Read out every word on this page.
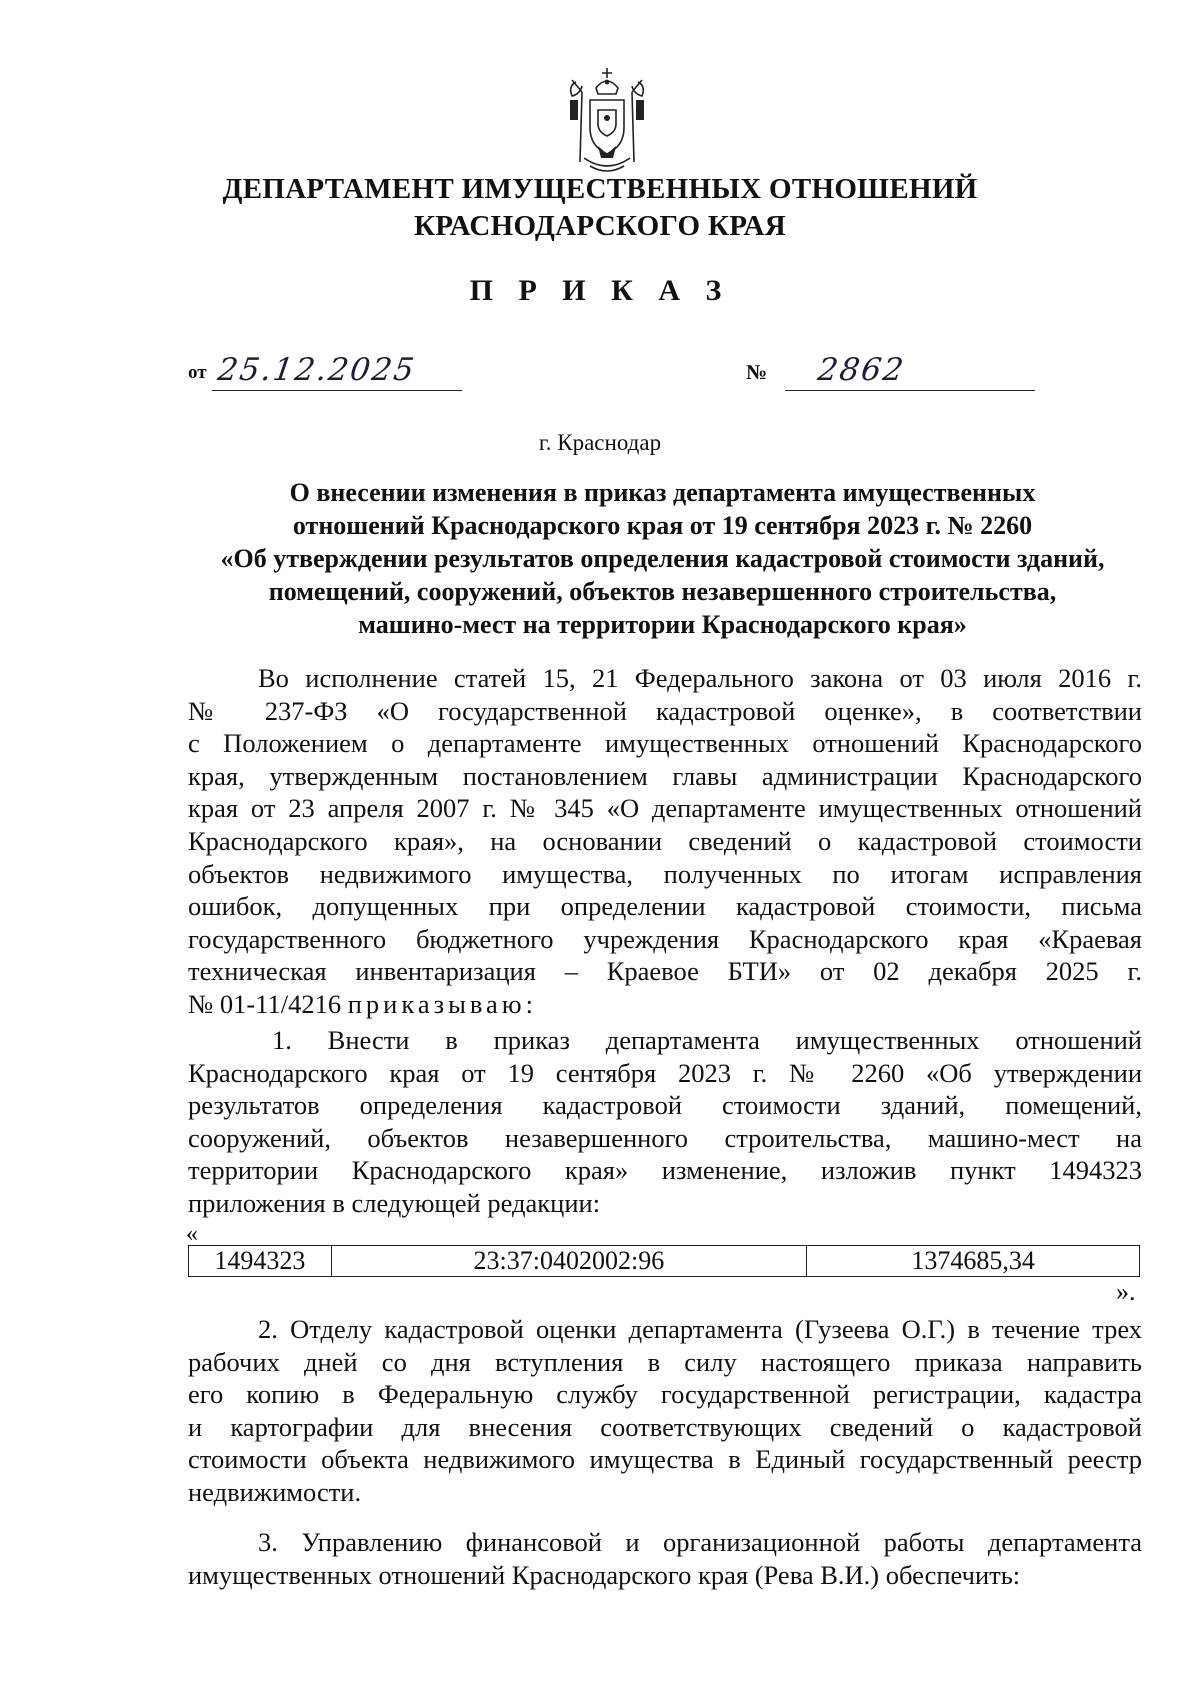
ДЕПАРТАМЕНТ ИМУЩЕСТВЕННЫХ ОТНОШЕНИЙ
КРАСНОДАРСКОГО КРАЯ
П Р И К А З
от 25.12.2025	№ 2862
г. Краснодар
О внесении изменения в приказ департамента имущественных
отношений Краснодарского края от 19 сентября 2023 г. № 2260
«Об утверждении результатов определения кадастровой стоимости зданий,
помещений, сооружений, объектов незавершенного строительства,
машино-мест на территории Краснодарского края»
Во исполнение статей 15, 21 Федерального закона от 03 июля 2016 г.
№ 237-ФЗ «О государственной кадастровой оценке», в соответствии
с Положением о департаменте имущественных отношений Краснодарского
края, утвержденным постановлением главы администрации Краснодарского
края от 23 апреля 2007 г. № 345 «О департаменте имущественных отношений
Краснодарского края», на основании сведений о кадастровой стоимости
объектов недвижимого имущества, полученных по итогам исправления
ошибок, допущенных при определении кадастровой стоимости, письма
государственного бюджетного учреждения Краснодарского края «Краевая
техническая инвентаризация – Краевое БТИ» от 02 декабря 2025 г.
№ 01-11/4216 приказываю:
1. Внести в приказ департамента имущественных отношений
Краснодарского края от 19 сентября 2023 г. № 2260 «Об утверждении
результатов определения кадастровой стоимости зданий, помещений,
сооружений, объектов незавершенного строительства, машино-мест на
территории Краснодарского края» изменение, изложив пункт 1494323
приложения в следующей редакции:
«
1494323	23:37:0402002:96	1374685,34
».
2. Отделу кадастровой оценки департамента (Гузеева О.Г.) в течение трех
рабочих дней со дня вступления в силу настоящего приказа направить
его копию в Федеральную службу государственной регистрации, кадастра
и картографии для внесения соответствующих сведений о кадастровой
стоимости объекта недвижимого имущества в Единый государственный реестр
недвижимости.
3. Управлению финансовой и организационной работы департамента
имущественных отношений Краснодарского края (Рева В.И.) обеспечить:
